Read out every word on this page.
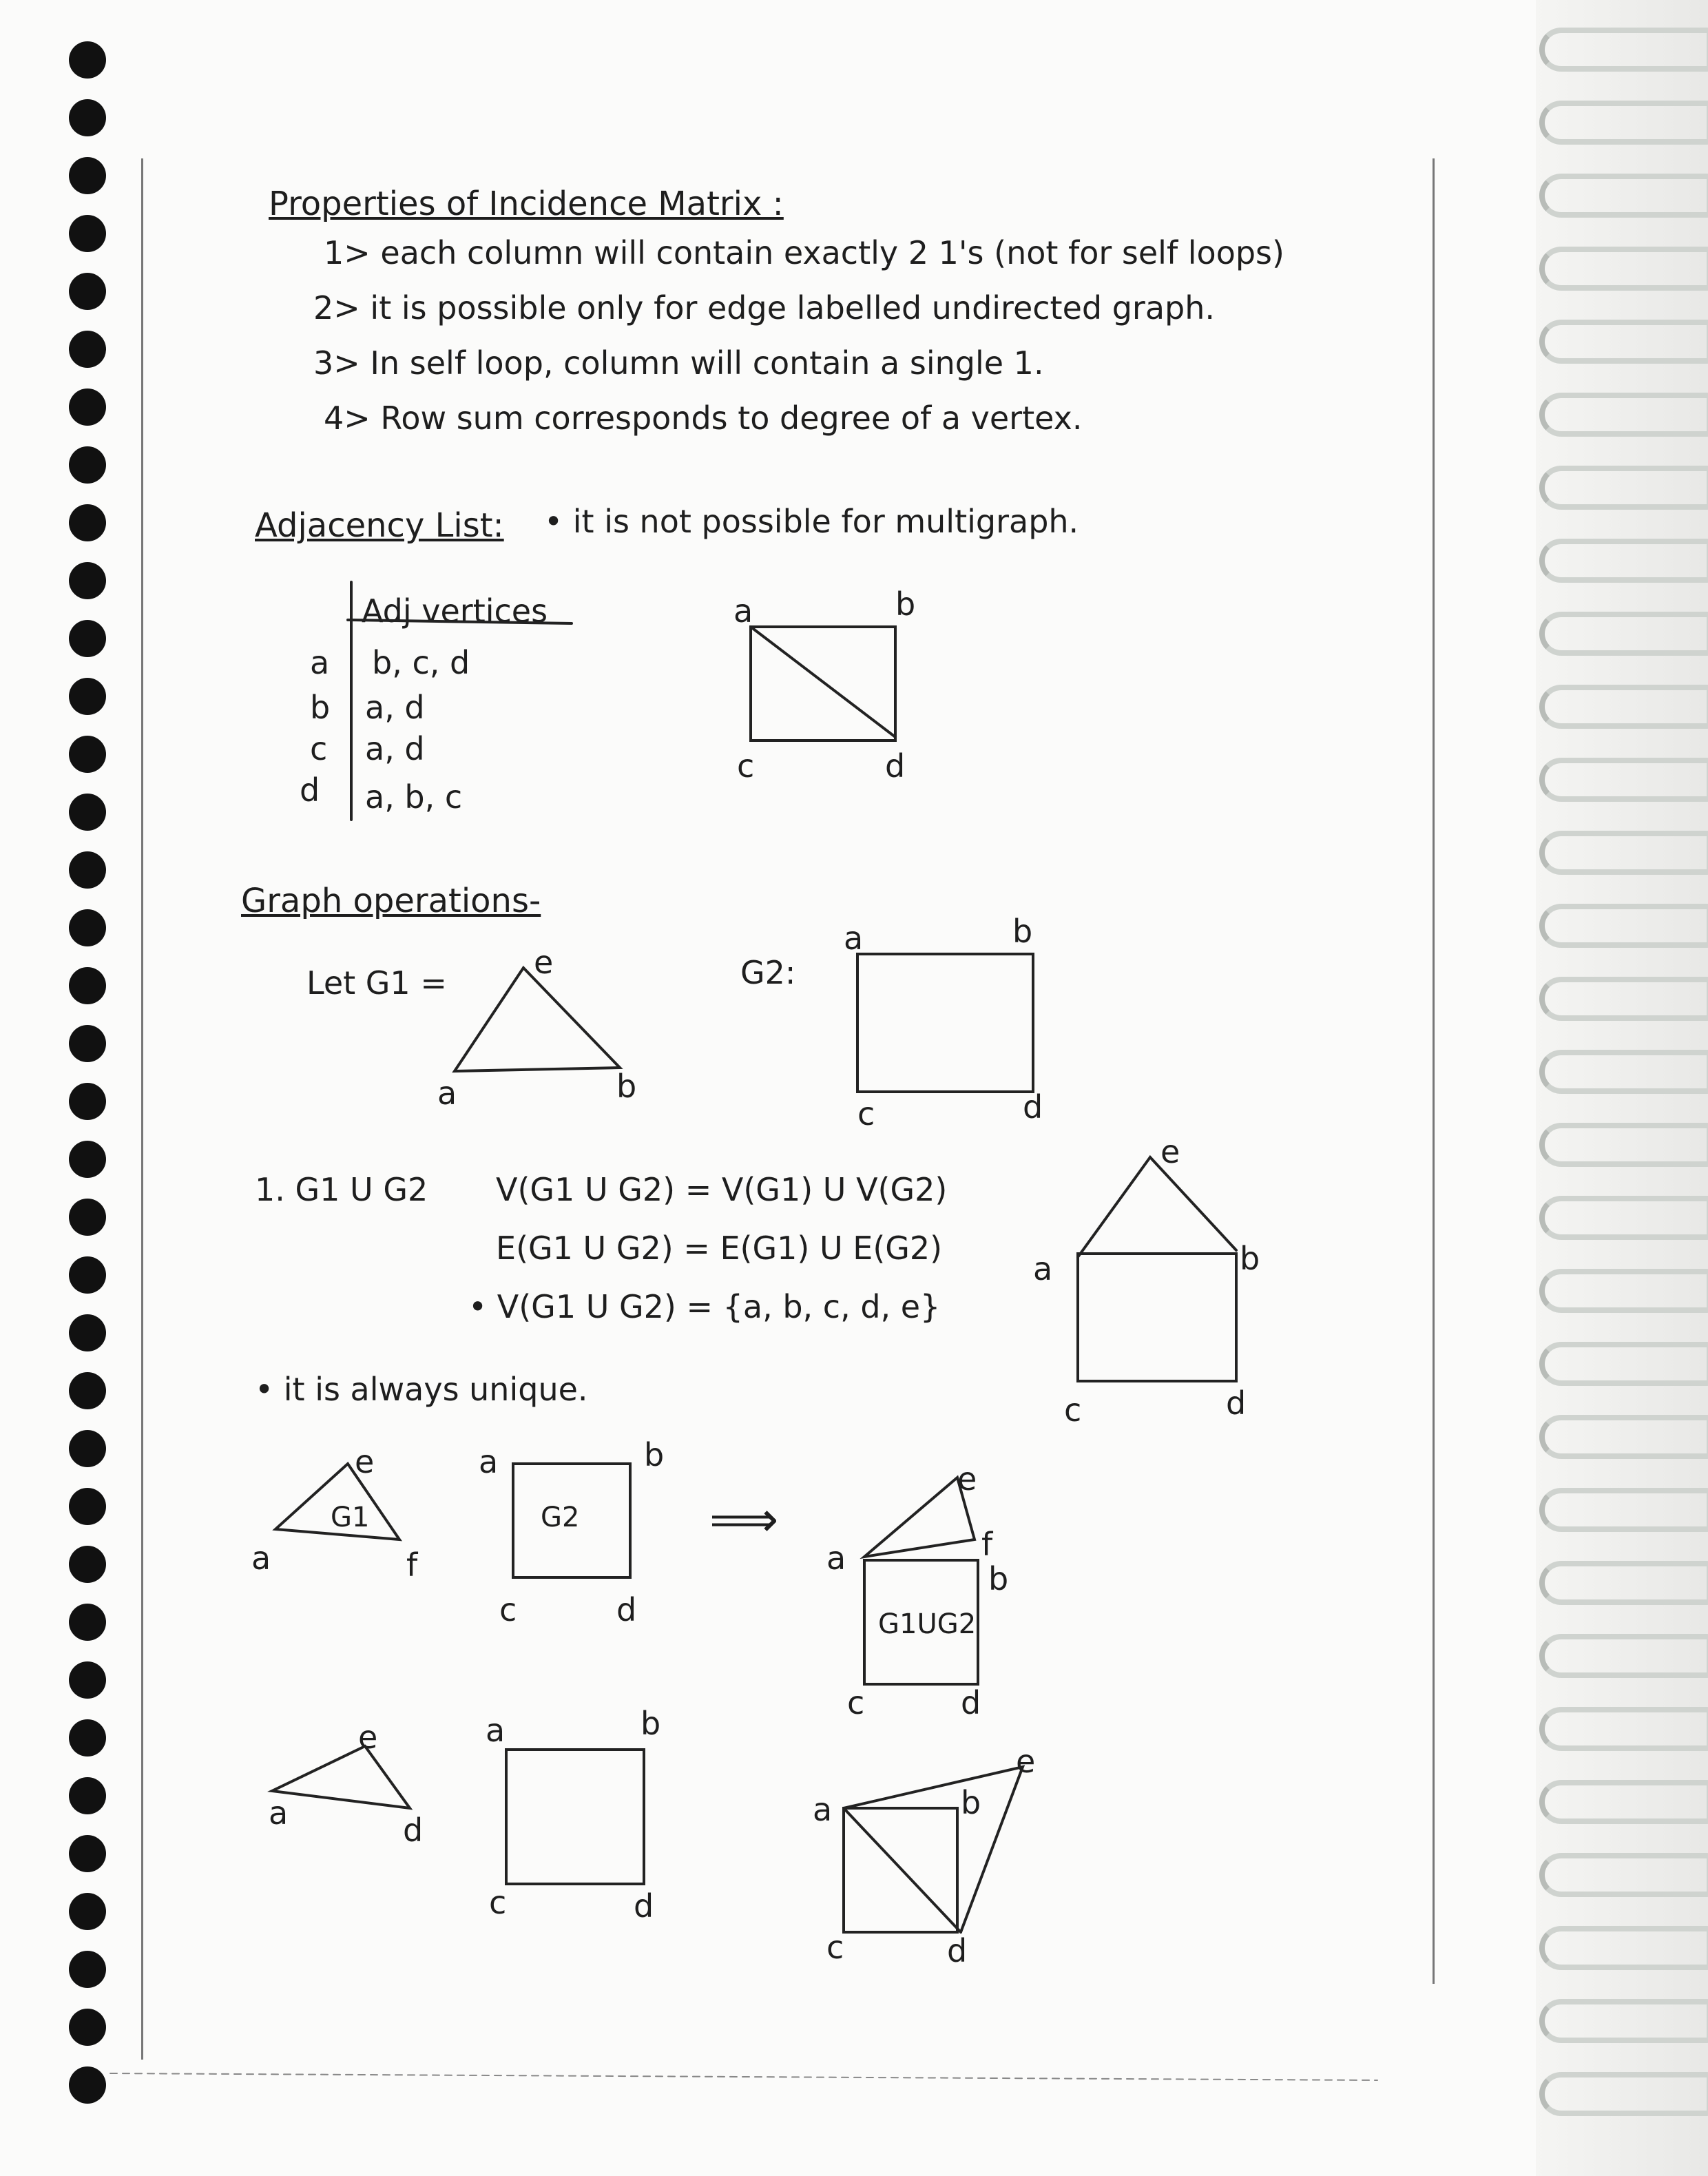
Properties of Incidence Matrix :
1> each column will contain exactly 2 1's (not for self loops)
2> it is possible only for edge labelled undirected graph.
3> In self loop, column will contain a single 1.
4> Row sum corresponds to degree of a vertex.
Adjacency List: • it is not possible for multigraph.
Adj vertices
a b, c, d
b a, d
c a, d
d a, b, c
a	b
c	d
Graph operations-
Let G1 =	G2:
e
a	b
a	b
c	d
1. G1 U G2 V(G1 U G2) = V(G1) U V(G2)
E(G1 U G2) = E(G1) U E(G2)
• V(G1 U G2) = {a, b, c, d, e}
• it is always unique.
e
a	b
c	d
e
a	f
G1
a	b
c	d
G2	⟹
e
a	f
b
c	d
G1UG2
e
a	d
a	b
c	d
a	b
e
c	d
